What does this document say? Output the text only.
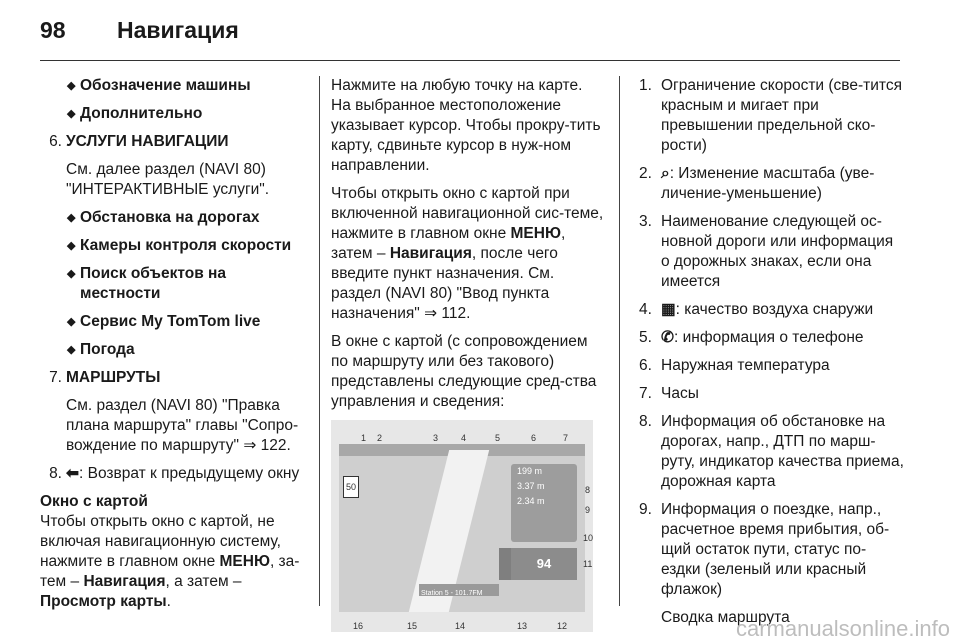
98 Навигация
◆ Обозначение машины
◆ Дополнительно
6. УСЛУГИ НАВИГАЦИИ
См. далее раздел (NAVI 80) "ИНТЕРАКТИВНЫЕ услуги".
◆ Обстановка на дорогах
◆ Камеры контроля скорости
◆ Поиск объектов на местности
◆ Сервис My TomTom live
◆ Погода
7. МАРШРУТЫ
См. раздел (NAVI 80) "Правка плана маршрута" главы "Сопро-вождение по маршруту" ⇒ 122.
8. ⬅: Возврат к предыдущему окну
Окно с картой
Чтобы открыть окно с картой, не включая навигационную систему, нажмите в главном окне МЕНЮ, за-тем – Навигация, а затем – Просмотр карты.
Нажмите на любую точку на карте. На выбранное местоположение указывает курсор. Чтобы прокру-тить карту, сдвиньте курсор в нуж-ном направлении.
Чтобы открыть окно с картой при включенной навигационной сис-теме, нажмите в главном окне МЕНЮ, затем – Навигация, после чего введите пункт назначения. См. раздел (NAVI 80) "Ввод пункта назначения" ⇒ 112.
В окне с картой (с сопровождением по маршруту или без такового) представлены следующие сред-ства управления и сведения:
199 m
3.37 m
2.34 m
94
50
Station 5 - 101.7FM
1 2	3	4	5	6	7
8
9
10
11
16	15	14	13	12
1. Ограничение скорости (све-тится красным и мигает при превышении предельной ско-рости)
2. ⌕: Изменение масштаба (уве-личение-уменьшение)
3. Наименование следующей ос-новной дороги или информация о дорожных знаках, если она имеется
4. ▦: качество воздуха снаружи
5. ✆: информация о телефоне
6. Наружная температура
7. Часы
8. Информация об обстановке на дорогах, напр., ДТП по марш-руту, индикатор качества приема, дорожная карта
9. Информация о поездке, напр., расчетное время прибытия, об-щий остаток пути, статус по-ездки (зеленый или красный флажок)
Сводка маршрута
carmanualsonline.info
